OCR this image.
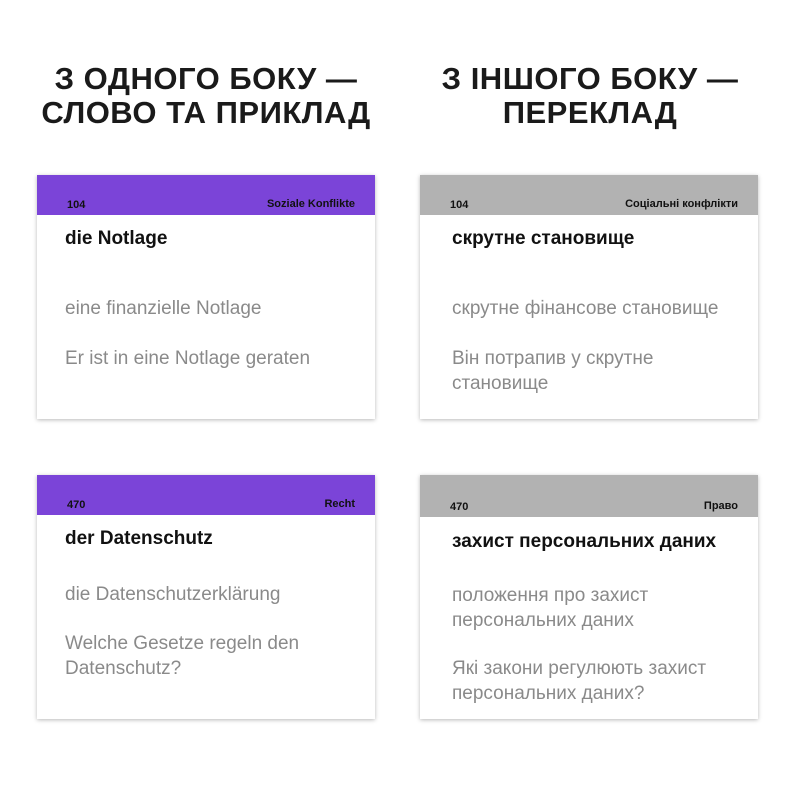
З ОДНОГО БОКУ —
СЛОВО ТА ПРИКЛАД
З ІНШОГО БОКУ —
ПЕРЕКЛАД
104	Soziale Konflikte
die Notlage
eine finanzielle Notlage
Er ist in eine Notlage geraten
104	Соціальні конфлікти
скрутне становище
скрутне фінансове становище
Він потрапив у скрутне становище
470	Recht
der Datenschutz
die Datenschutzerklärung
Welche Gesetze regeln den Datenschutz?
470	Право
захист персональних даних
положення про захист персональних даних
Які закони регулюють захист персональних даних?
